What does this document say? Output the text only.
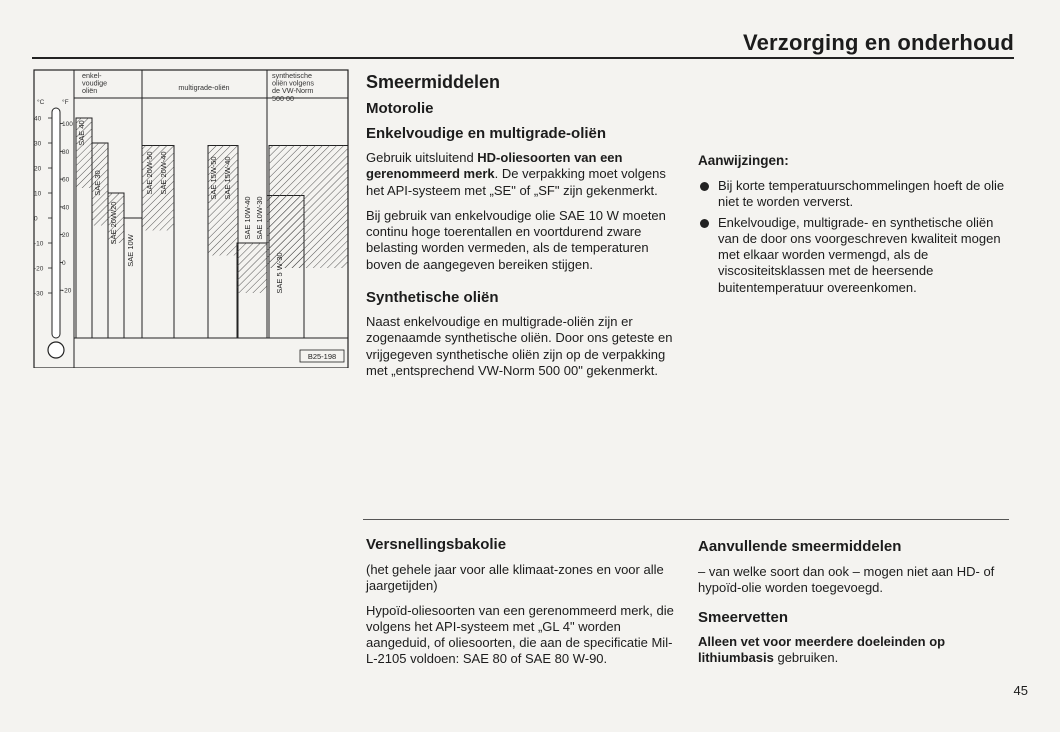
Verzorging en onderhoud
enkel-voudige oliën	multigrade-oliën
synthetische oliën volgens de VW-Norm 500 00
°C	°F
40
30
20
10
0
-10
-20
-30
100
80
60
40
20
0
-20
SAE 40
SAE 30
SAE 20W/20
SAE 10W
SAE 20W-50 SAE 20W-40	SAE 15W-50 SAE 15W-40
SAE 10W-40 SAE 10W-30
SAE 5 W-30
B25-198
Smeermiddelen
Motorolie
Enkelvoudige en multigrade-oliën

Gebruik uitsluitend HD-oliesoorten van een gerenommeerd merk. De verpakking moet volgens het API-systeem met „SE" of „SF" zijn gekenmerkt.

Bij gebruik van enkelvoudige olie SAE 10 W moeten continu hoge toerentallen en voortdurend zware belasting worden vermeden, als de temperaturen boven de aangegeven bereiken stijgen.

Synthetische oliën

Naast enkelvoudige en multigrade-oliën zijn er zogenaamde synthetische oliën. Door ons geteste en vrijgegeven synthetische oliën zijn op de verpakking met „entsprechend VW-Norm 500 00" gekenmerkt.

Aanwijzingen:

Bij korte temperatuurschommelingen hoeft de olie niet te worden ververst.

Enkelvoudige, multigrade- en synthetische oliën van de door ons voorgeschreven kwaliteit mogen met elkaar worden vermengd, als de viscositeitsklassen met de heersende buitentemperatuur overeenkomen.

Versnellingsbakolie

(het gehele jaar voor alle klimaat-zones en voor alle jaargetijden)

Hypoïd-oliesoorten van een gerenommeerd merk, die volgens het API-systeem met „GL 4" worden aangeduid, of oliesoorten, die aan de specificatie Mil-L-2105 voldoen: SAE 80 of SAE 80 W-90.

Aanvullende smeermiddelen

– van welke soort dan ook – mogen niet aan HD- of hypoïd-olie worden toegevoegd.

Smeervetten

Alleen vet voor meerdere doeleinden op lithiumbasis gebruiken.

45
